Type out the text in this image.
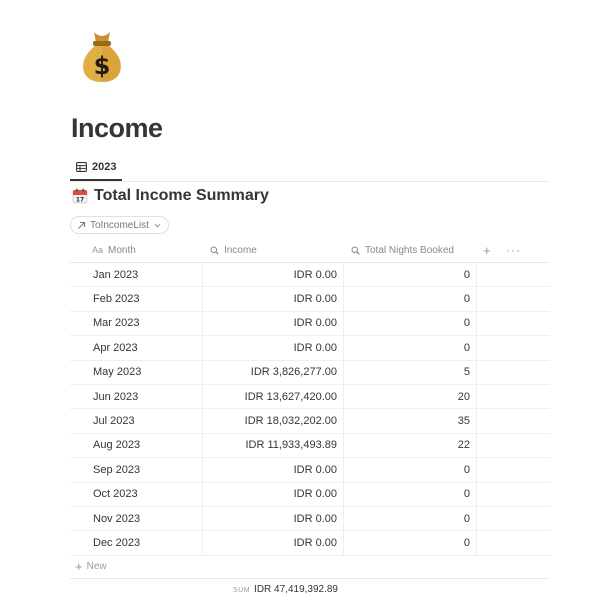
$
Income
2023
17 Total Income Summary
ToIncomeList
Aa Month	Income	Total Nights Booked + ···
Jan 2023	IDR 0.00	0
Feb 2023	IDR 0.00	0
Mar 2023	IDR 0.00	0
Apr 2023	IDR 0.00	0
May 2023	IDR 3,826,277.00	5
Jun 2023	IDR 13,627,420.00	20
Jul 2023	IDR 18,032,202.00	35
Aug 2023	IDR 11,933,493.89	22
Sep 2023	IDR 0.00	0
Oct 2023	IDR 0.00	0
Nov 2023	IDR 0.00	0
Dec 2023	IDR 0.00	0
+ New
SUM IDR 47,419,392.89
